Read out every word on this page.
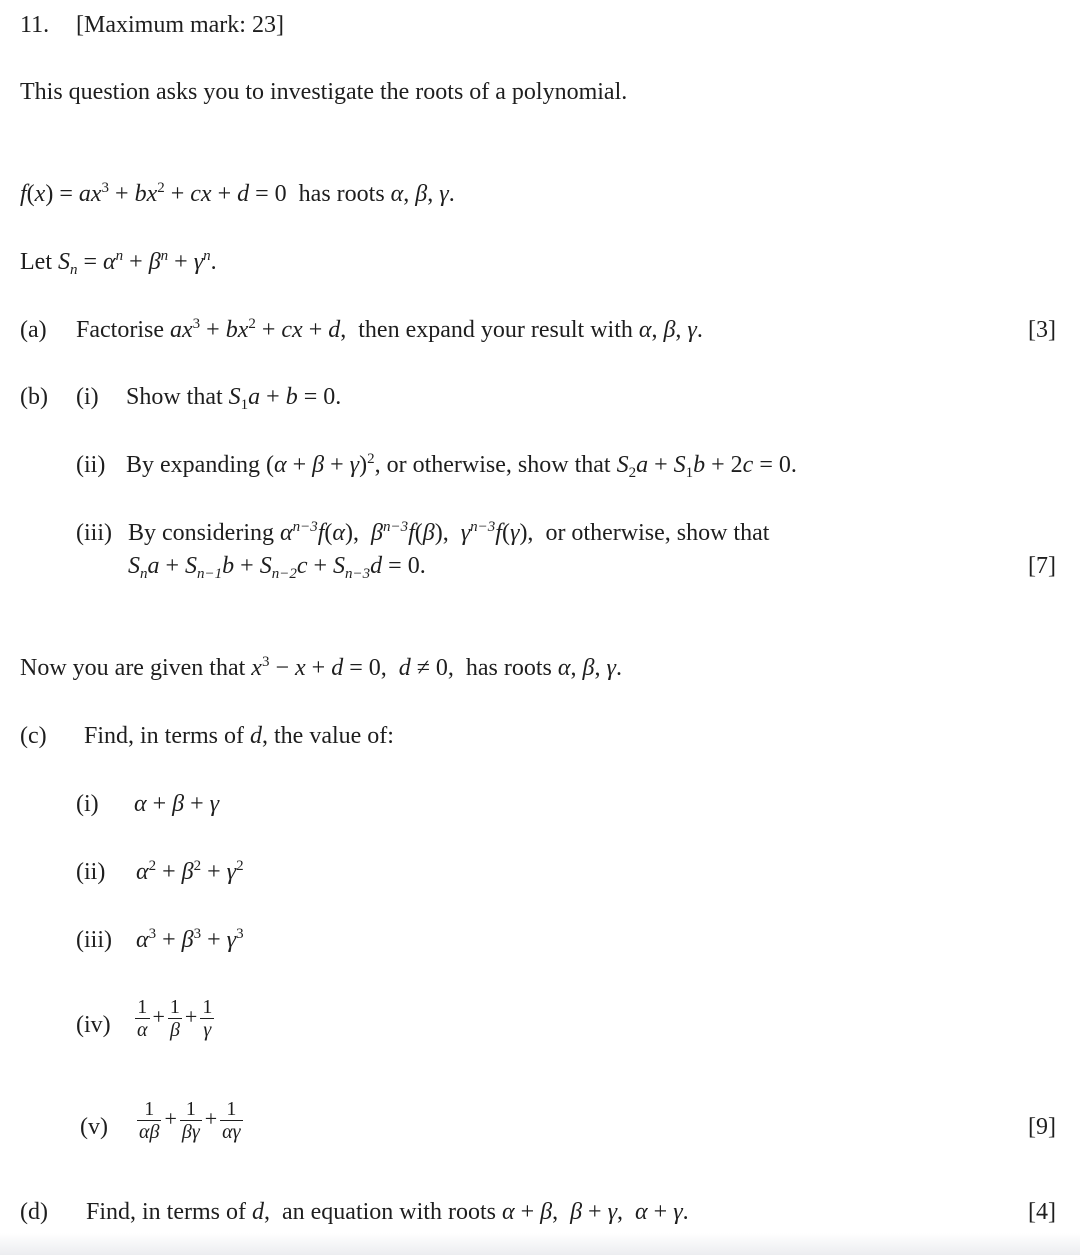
11. [Maximum mark: 23]
This question asks you to investigate the roots of a polynomial.
$f(x) = ax^3 + bx^2$ + cx + d = 0  has roots α, β, γ.
Let $S_n = \alpha^n + \beta^n + \gamma^n$.
(a) Factorise $ax^3 + bx^2$ + cx + d,  then expand your result with α, β, γ.	[3]
(b) (i) Show that $S_1a + b = 0$.
(ii) By expanding $(\alpha + \beta + \gamma)^2$, or otherwise, show that $S_2a + S_1b + 2c = 0$.
(iii) By considering $\alpha^{n-3}f(\alpha)$,  $\beta^{n-3}f(\beta)$,  $\gamma^{n-3}f(\gamma)$,  or otherwise, show that
$S_na + S_{n-1}b + S_{n-2}c + S_{n-3}d = 0$.	[7]
Now you are given that $x^3 - x + d = 0$,  d ≠ 0,  has roots α, β, γ.
(c) Find, in terms of d, the value of:
(i) α + β + γ
(ii) $\alpha^2 + \beta^2 + \gamma^2$
(iii) $\alpha^3 + \beta^3 + \gamma^3$
$(iv) \frac{1}{\alpha} + \frac{1}{\beta} + \frac{1}{\gamma}$
$(v) \frac{1}{\alpha\beta} + \frac{1}{\beta\gamma} + \frac{1}{\alpha\gamma}$	[9]
(d) Find, in terms of d,  an equation with roots α + β,  β + γ,  α + γ.	[4]
